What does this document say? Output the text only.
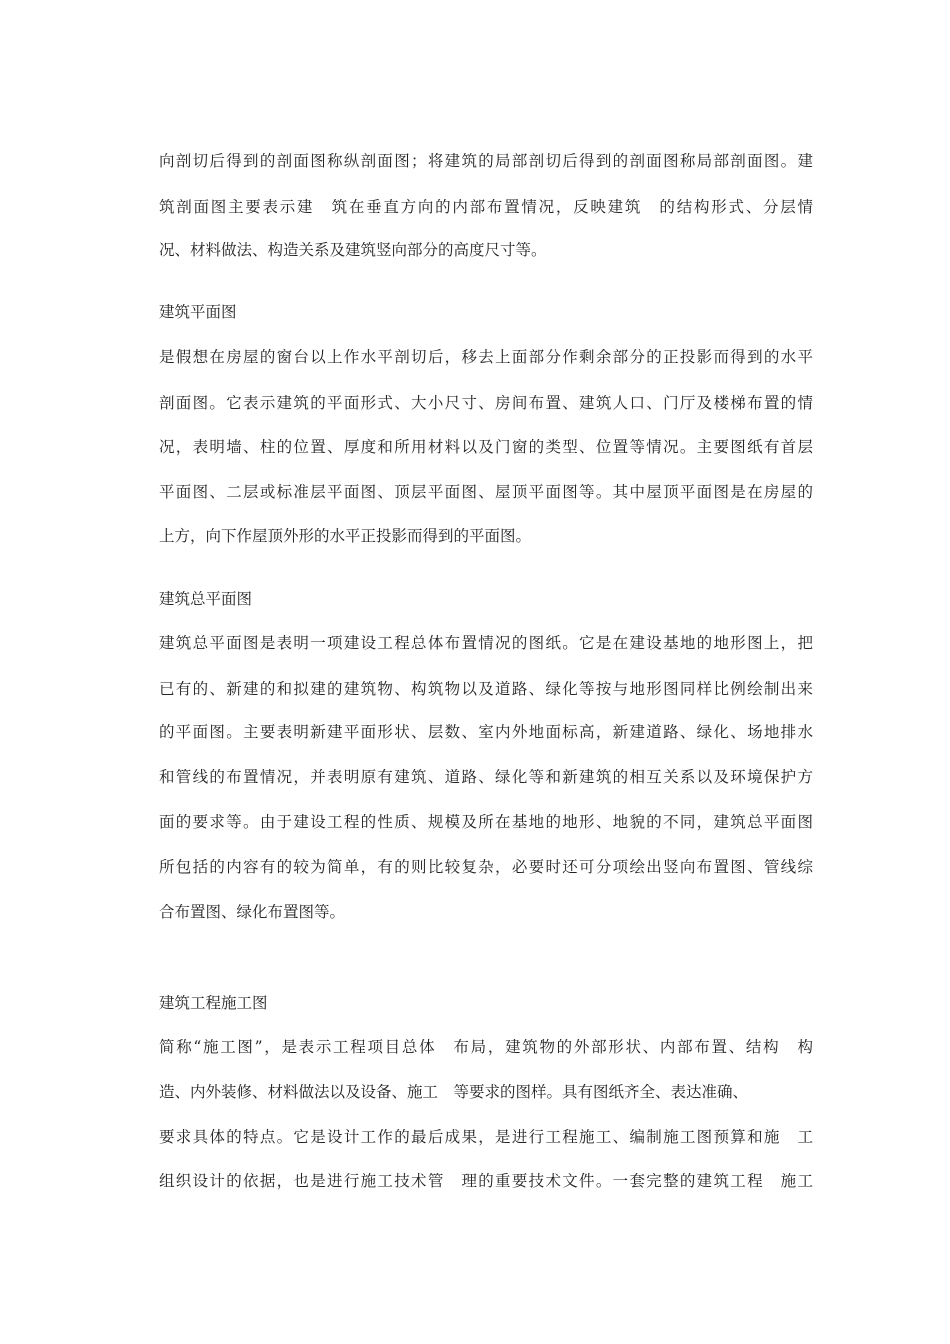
向剖切后得到的剖面图称纵剖面图；将建筑的局部剖切后得到的剖面图称局部剖面图。建
筑剖面图主要表示建　筑在垂直方向的内部布置情况，反映建筑　的结构形式、分层情
况、材料做法、构造关系及建筑竖向部分的高度尺寸等。
建筑平面图
是假想在房屋的窗台以上作水平剖切后，移去上面部分作剩余部分的正投影而得到的水平
剖面图。它表示建筑的平面形式、大小尺寸、房间布置、建筑人口、门厅及楼梯布置的情
况，表明墙、柱的位置、厚度和所用材料以及门窗的类型、位置等情况。主要图纸有首层
平面图、二层或标准层平面图、顶层平面图、屋顶平面图等。其中屋顶平面图是在房屋的
上方，向下作屋顶外形的水平正投影而得到的平面图。
建筑总平面图
建筑总平面图是表明一项建设工程总体布置情况的图纸。它是在建设基地的地形图上，把
已有的、新建的和拟建的建筑物、构筑物以及道路、绿化等按与地形图同样比例绘制出来
的平面图。主要表明新建平面形状、层数、室内外地面标高，新建道路、绿化、场地排水
和管线的布置情况，并表明原有建筑、道路、绿化等和新建筑的相互关系以及环境保护方
面的要求等。由于建设工程的性质、规模及所在基地的地形、地貌的不同，建筑总平面图
所包括的内容有的较为简单，有的则比较复杂，必要时还可分项绘出竖向布置图、管线综
合布置图、绿化布置图等。
建筑工程施工图
简称“施工图”，是表示工程项目总体　布局，建筑物的外部形状、内部布置、结构　构
造、内外装修、材料做法以及设备、施工　等要求的图样。具有图纸齐全、表达准确、
要求具体的特点。它是设计工作的最后成果，是进行工程施工、编制施工图预算和施　工
组织设计的依据，也是进行施工技术管　理的重要技术文件。一套完整的建筑工程　施工
